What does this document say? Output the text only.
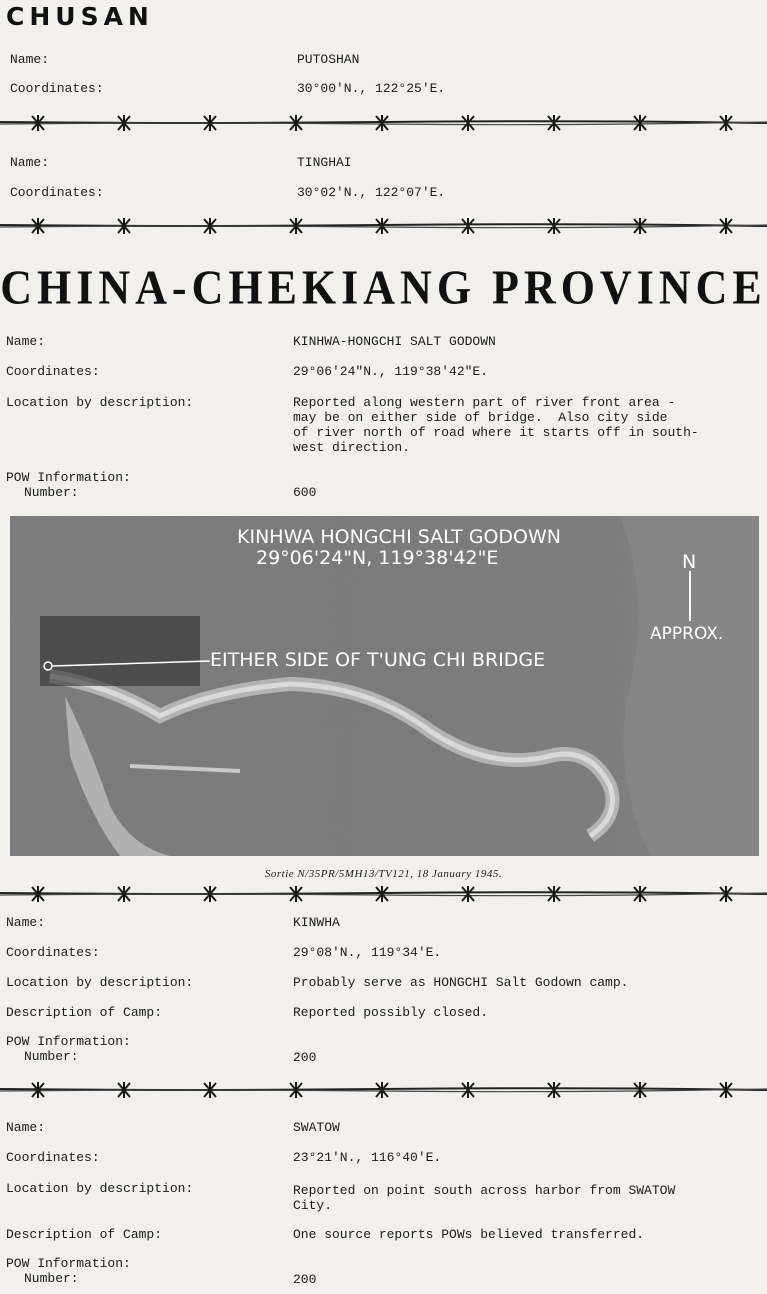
CHUSAN
Name:	PUTOSHAN
Coordinates:	30°00'N., 122°25'E.
Name:	TINGHAI
Coordinates:	30°02'N., 122°07'E.
CHINA-CHEKIANG PROVINCE
Name:	KINHWA-HONGCHI SALT GODOWN
Coordinates:	29°06'24"N., 119°38'42"E.
Location by description:	Reported along western part of river front area -
may be on either side of bridge.  Also city side
of river north of road where it starts off in south-
west direction.
POW Information:
Number:	600
KINHWA HONGCHI SALT GODOWN
29°06'24"N, 119°38'42"E
EITHER SIDE OF T'UNG CHI BRIDGE
N
APPROX.
Sortie N/35PR/5MH13/TV121, 18 January 1945.
Name:	KINWHA
Coordinates:	29°08'N., 119°34'E.
Location by description:	Probably serve as HONGCHI Salt Godown camp.
Description of Camp:	Reported possibly closed.
POW Information:
Number:	200
Name:	SWATOW
Coordinates:	23°21'N., 116°40'E.
Location by description:	Reported on point south across harbor from SWATOW
City.
Description of Camp:	One source reports POWs believed transferred.
POW Information:
Number:	200
